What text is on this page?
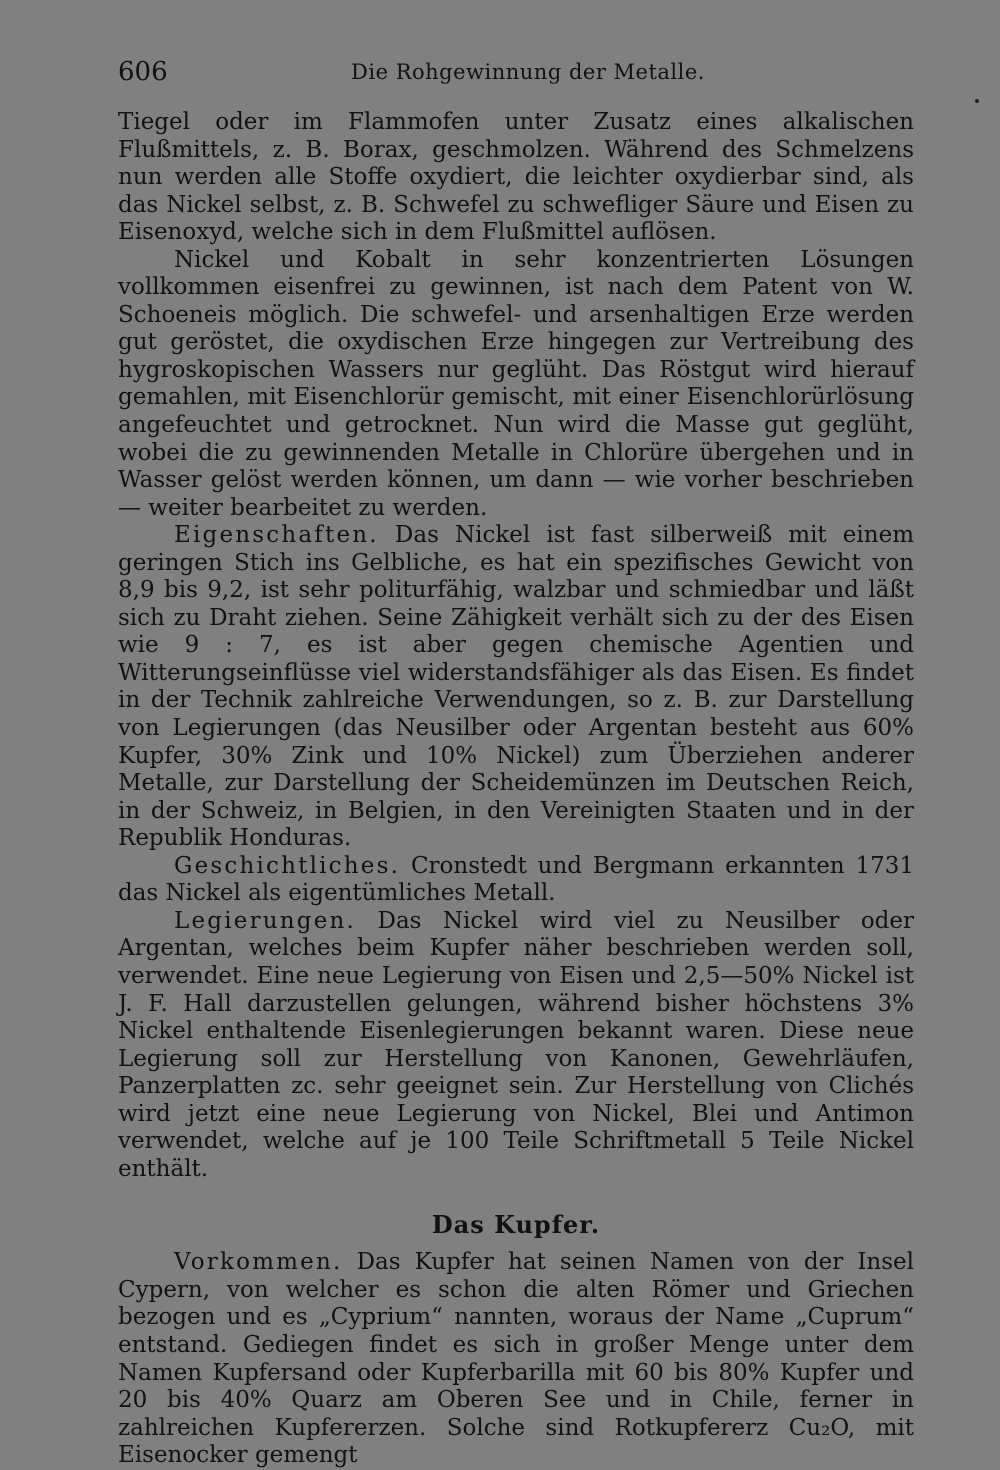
606	Die Rohgewinnung der Metalle.

Tiegel oder im Flammofen unter Zusatz eines alkalischen Flußmittels, z. B. Borax, geschmolzen. Während des Schmelzens nun werden alle Stoffe oxydiert, die leichter oxydierbar sind, als das Nickel selbst, z. B. Schwefel zu schwefliger Säure und Eisen zu Eisenoxyd, welche sich in dem Flußmittel auflösen.

Nickel und Kobalt in sehr konzentrierten Lösungen vollkommen eisenfrei zu gewinnen, ist nach dem Patent von W. Schoeneis möglich. Die schwefel- und arsenhaltigen Erze werden gut geröstet, die oxydischen Erze hingegen zur Vertreibung des hygroskopischen Wassers nur geglüht. Das Röstgut wird hierauf gemahlen, mit Eisenchlorür gemischt, mit einer Eisenchlorürlösung angefeuchtet und getrocknet. Nun wird die Masse gut geglüht, wobei die zu gewinnenden Metalle in Chlorüre übergehen und in Wasser gelöst werden können, um dann — wie vorher beschrieben — weiter bearbeitet zu werden.

Eigenschaften. Das Nickel ist fast silberweiß mit einem geringen Stich ins Gelbliche, es hat ein spezifisches Gewicht von 8,9 bis 9,2, ist sehr politurfähig, walzbar und schmiedbar und läßt sich zu Draht ziehen. Seine Zähigkeit verhält sich zu der des Eisen wie 9 : 7, es ist aber gegen chemische Agentien und Witterungseinflüsse viel widerstandsfähiger als das Eisen. Es findet in der Technik zahlreiche Verwendungen, so z. B. zur Darstellung von Legierungen (das Neusilber oder Argentan besteht aus 60% Kupfer, 30% Zink und 10% Nickel) zum Überziehen anderer Metalle, zur Darstellung der Scheidemünzen im Deutschen Reich, in der Schweiz, in Belgien, in den Vereinigten Staaten und in der Republik Honduras.

Geschichtliches. Cronstedt und Bergmann erkannten 1731 das Nickel als eigentümliches Metall.

Legierungen. Das Nickel wird viel zu Neusilber oder Argentan, welches beim Kupfer näher beschrieben werden soll, verwendet. Eine neue Legierung von Eisen und 2,5—50% Nickel ist J. F. Hall darzustellen gelungen, während bisher höchstens 3% Nickel enthaltende Eisenlegierungen bekannt waren. Diese neue Legierung soll zur Herstellung von Kanonen, Gewehrläufen, Panzerplatten zc. sehr geeignet sein. Zur Herstellung von Clichés wird jetzt eine neue Legierung von Nickel, Blei und Antimon verwendet, welche auf je 100 Teile Schriftmetall 5 Teile Nickel enthält.

Das Kupfer.

Vorkommen. Das Kupfer hat seinen Namen von der Insel Cypern, von welcher es schon die alten Römer und Griechen bezogen und es „Cyprium“ nannten, woraus der Name „Cuprum“ entstand. Gediegen findet es sich in großer Menge unter dem Namen Kupfersand oder Kupferbarilla mit 60 bis 80% Kupfer und 20 bis 40% Quarz am Oberen See und in Chile, ferner in zahlreichen Kupfererzen. Solche sind Rotkupfererz Cu₂O, mit Eisenocker gemengt
